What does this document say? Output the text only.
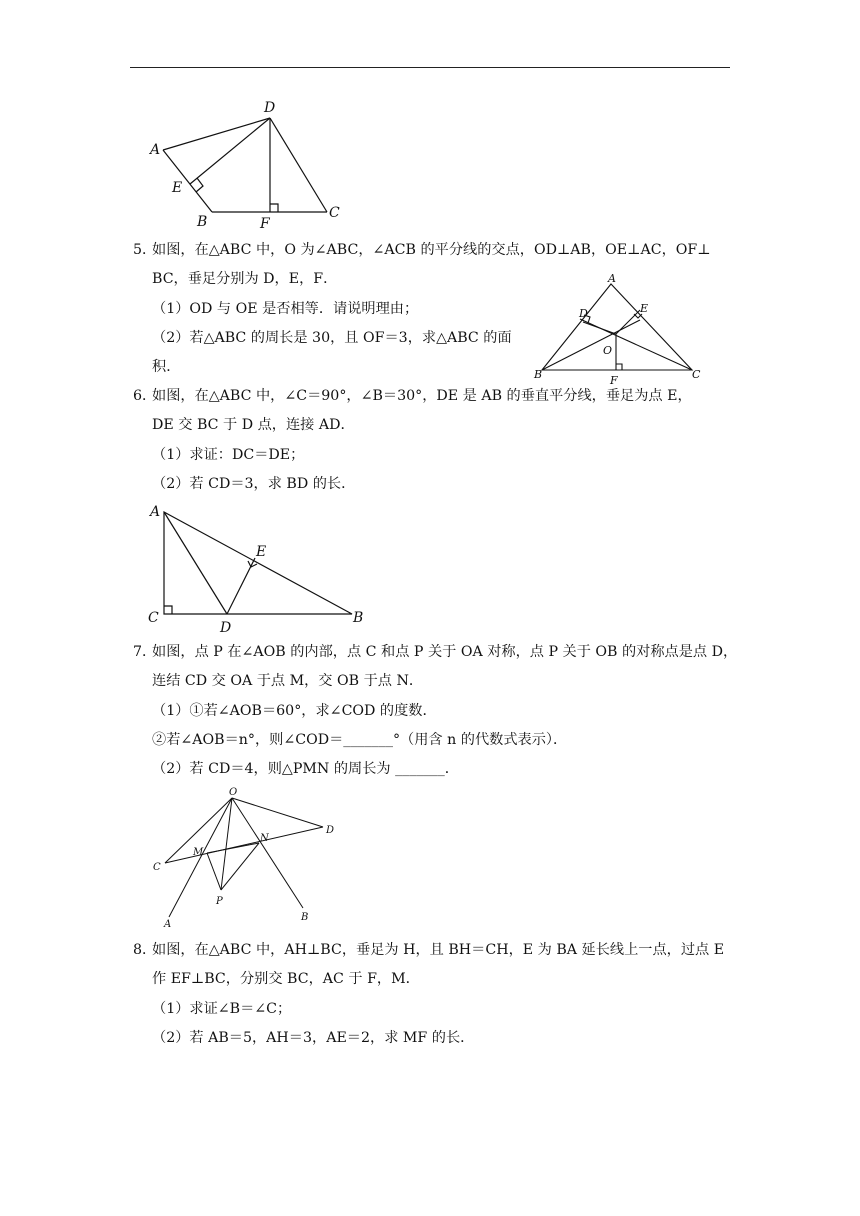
A
D
E
B	F
C
5．
如图，在△ABC 中，O 为∠ABC，∠ACB 的平分线的交点，OD⊥AB，OE⊥AC，OF⊥
BC，垂足分别为 D，E，F．
（1）OD 与 OE 是否相等．请说明理由；
（2）若△ABC 的周长是 30，且 OF＝3，求△ABC 的面
积．
A
D	E
O
B	F	C
6．
如图，在△ABC 中，∠C＝90°，∠B＝30°，DE 是 AB 的垂直平分线，垂足为点 E，
DE 交 BC 于 D 点，连接 AD．
（1）求证：DC＝DE；
（2）若 CD＝3，求 BD 的长．
A
E
C
D
B
7．
如图，点 P 在∠AOB 的内部，点 C 和点 P 关于 OA 对称，点 P 关于 OB 的对称点是点 D，
连结 CD 交 OA 于点 M，交 OB 于点 N．
（1）①若∠AOB＝60°，求∠COD 的度数．
②若∠AOB＝n°，则∠COD＝_______°（用含 n 的代数式表示）．
（2）若 CD＝4，则△PMN 的周长为 _______．
O
D
M
N
C
P
A
B
8．
如图，在△ABC 中，AH⊥BC，垂足为 H，且 BH＝CH，E 为 BA 延长线上一点，过点 E
作 EF⊥BC，分别交 BC，AC 于 F，M．
（1）求证∠B＝∠C；
（2）若 AB＝5，AH＝3，AE＝2，求 MF 的长．
